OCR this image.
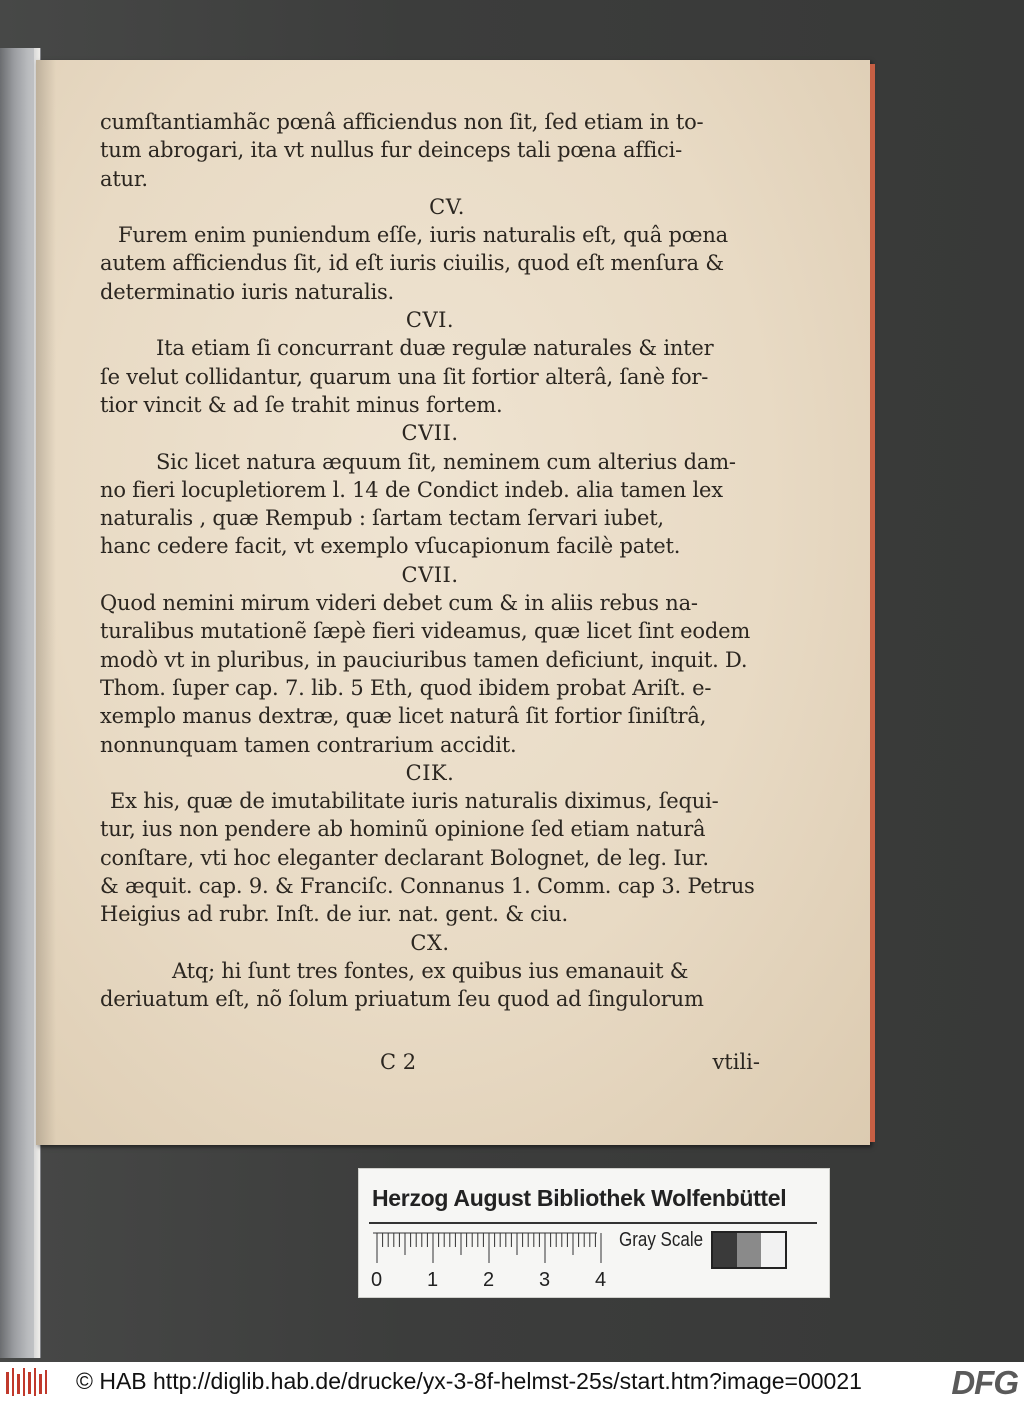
cumſtantiamhãc pœnâ afficiendus non ſit, ſed etiam in to-
tum abrogari, ita vt nullus fur deinceps tali pœna affici-
atur.
CV.
Furem enim puniendum eſſe, iuris naturalis eſt, quâ pœna
autem afficiendus ſit, id eſt iuris ciuilis, quod eſt menſura &
determinatio iuris naturalis.
CVI.
Ita etiam ſi concurrant duæ regulæ naturales & inter
ſe velut collidantur, quarum una ſit fortior alterâ, ſanè for-
tior vincit & ad ſe trahit minus fortem.
CVII.
Sic licet natura æquum ſit, neminem cum alterius dam-
no fieri locupletiorem l. 14 de Condict indeb. alia tamen lex
naturalis , quæ Rempub : ſartam tectam ſervari iubet,
hanc cedere facit, vt exemplo vſucapionum facilè patet.
CVII.
Quod nemini mirum videri debet cum & in aliis rebus na-
turalibus mutationẽ ſæpè fieri videamus, quæ licet ſint eodem
modò vt in pluribus, in pauciuribus tamen deficiunt, inquit. D.
Thom. ſuper cap. 7. lib. 5 Eth, quod ibidem probat Ariſt. e-
xemplo manus dextræ, quæ licet naturâ ſit fortior ſiniſtrâ,
nonnunquam tamen contrarium accidit.
CIK.
Ex his, quæ de imutabilitate iuris naturalis diximus, ſequi-
tur, ius non pendere ab hominũ opinione ſed etiam naturâ
conſtare, vti hoc eleganter declarant Bolognet, de leg. Iur.
& æquit. cap. 9. & Franciſc. Connanus 1. Comm. cap 3. Petrus
Heigius ad rubr. Inſt. de iur. nat. gent. & ciu.
CX.
Atq; hi ſunt tres fontes, ex quibus ius emanauit &
deriuatum eſt, nõ ſolum priuatum ſeu quod ad ſingulorum
C 2	vtili-
Herzog August Bibliothek Wolfenbüttel
0 1 2 3 4
Gray Scale
© HAB http://diglib.hab.de/drucke/yx-3-8f-helmst-25s/start.htm?image=00021	DFG
